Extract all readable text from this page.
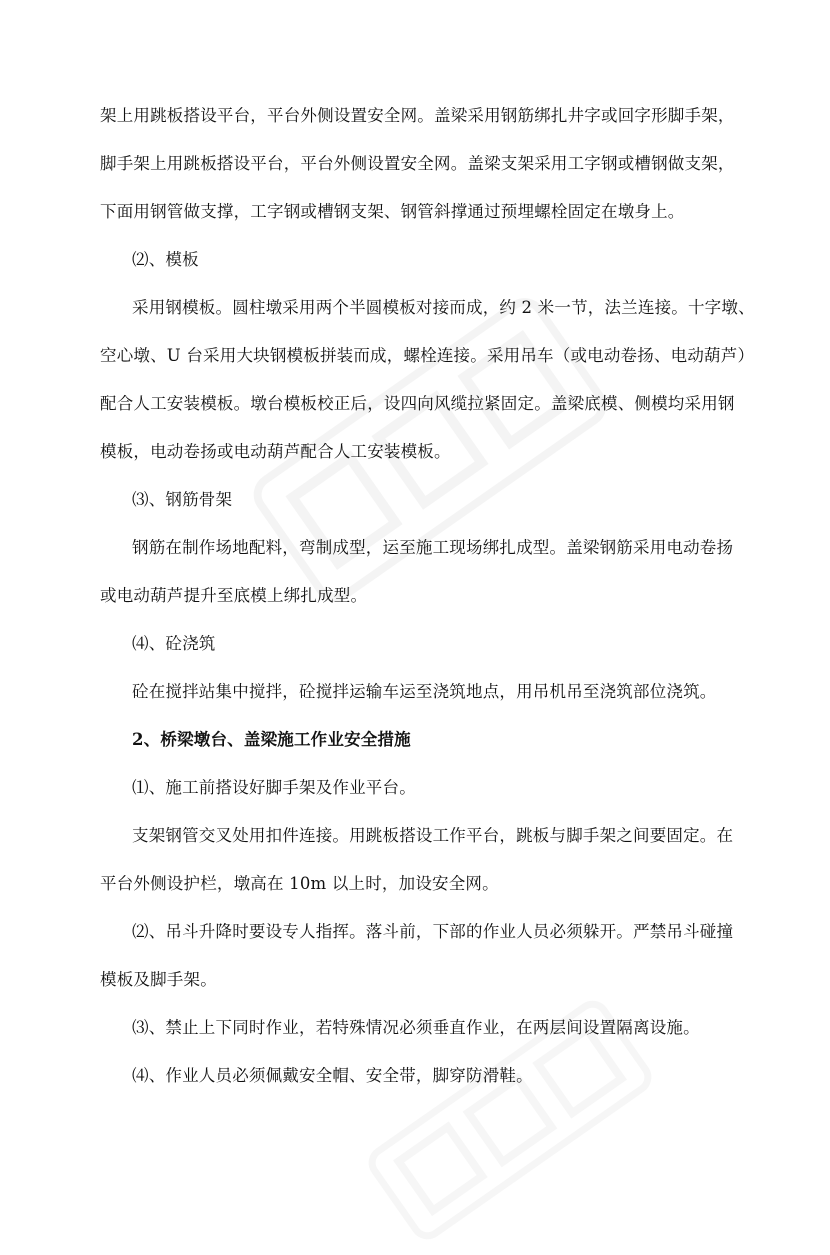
架上用跳板搭设平台，平台外侧设置安全网。盖梁采用钢筋绑扎井字或回字形脚手架，
脚手架上用跳板搭设平台，平台外侧设置安全网。盖梁支架采用工字钢或槽钢做支架，
下面用钢管做支撑，工字钢或槽钢支架、钢管斜撑通过预埋螺栓固定在墩身上。
⑵、模板
采用钢模板。圆柱墩采用两个半圆模板对接而成，约 2 米一节，法兰连接。十字墩、
空心墩、U 台采用大块钢模板拼装而成，螺栓连接。采用吊车（或电动卷扬、电动葫芦）
配合人工安装模板。墩台模板校正后，设四向风缆拉紧固定。盖梁底模、侧模均采用钢
模板，电动卷扬或电动葫芦配合人工安装模板。
⑶、钢筋骨架
钢筋在制作场地配料，弯制成型，运至施工现场绑扎成型。盖梁钢筋采用电动卷扬
或电动葫芦提升至底模上绑扎成型。
⑷、砼浇筑
砼在搅拌站集中搅拌，砼搅拌运输车运至浇筑地点，用吊机吊至浇筑部位浇筑。
2、桥梁墩台、盖梁施工作业安全措施
⑴、施工前搭设好脚手架及作业平台。
支架钢管交叉处用扣件连接。用跳板搭设工作平台，跳板与脚手架之间要固定。在
平台外侧设护栏，墩高在 10m 以上时，加设安全网。
⑵、吊斗升降时要设专人指挥。落斗前，下部的作业人员必须躲开。严禁吊斗碰撞
模板及脚手架。
⑶、禁止上下同时作业，若特殊情况必须垂直作业，在两层间设置隔离设施。
⑷、作业人员必须佩戴安全帽、安全带，脚穿防滑鞋。
